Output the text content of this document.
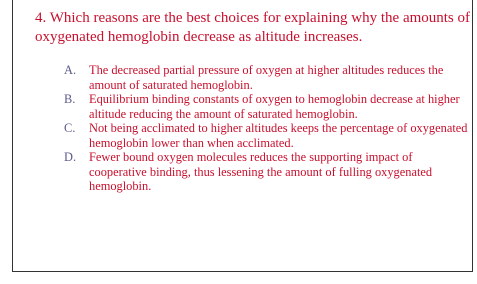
4. Which reasons are the best choices for explaining why the amounts of oxygenated hemoglobin decrease as altitude increases.

A.	The decreased partial pressure of oxygen at higher altitudes reduces the amount of saturated hemoglobin.
B.	Equilibrium binding constants of oxygen to hemoglobin decrease at higher altitude reducing the amount of saturated hemoglobin.
C.	Not being acclimated to higher altitudes keeps the percentage of oxygenated hemoglobin lower than when acclimated.
D.	Fewer bound oxygen molecules reduces the supporting impact of cooperative binding, thus lessening the amount of fulling oxygenated hemoglobin.
